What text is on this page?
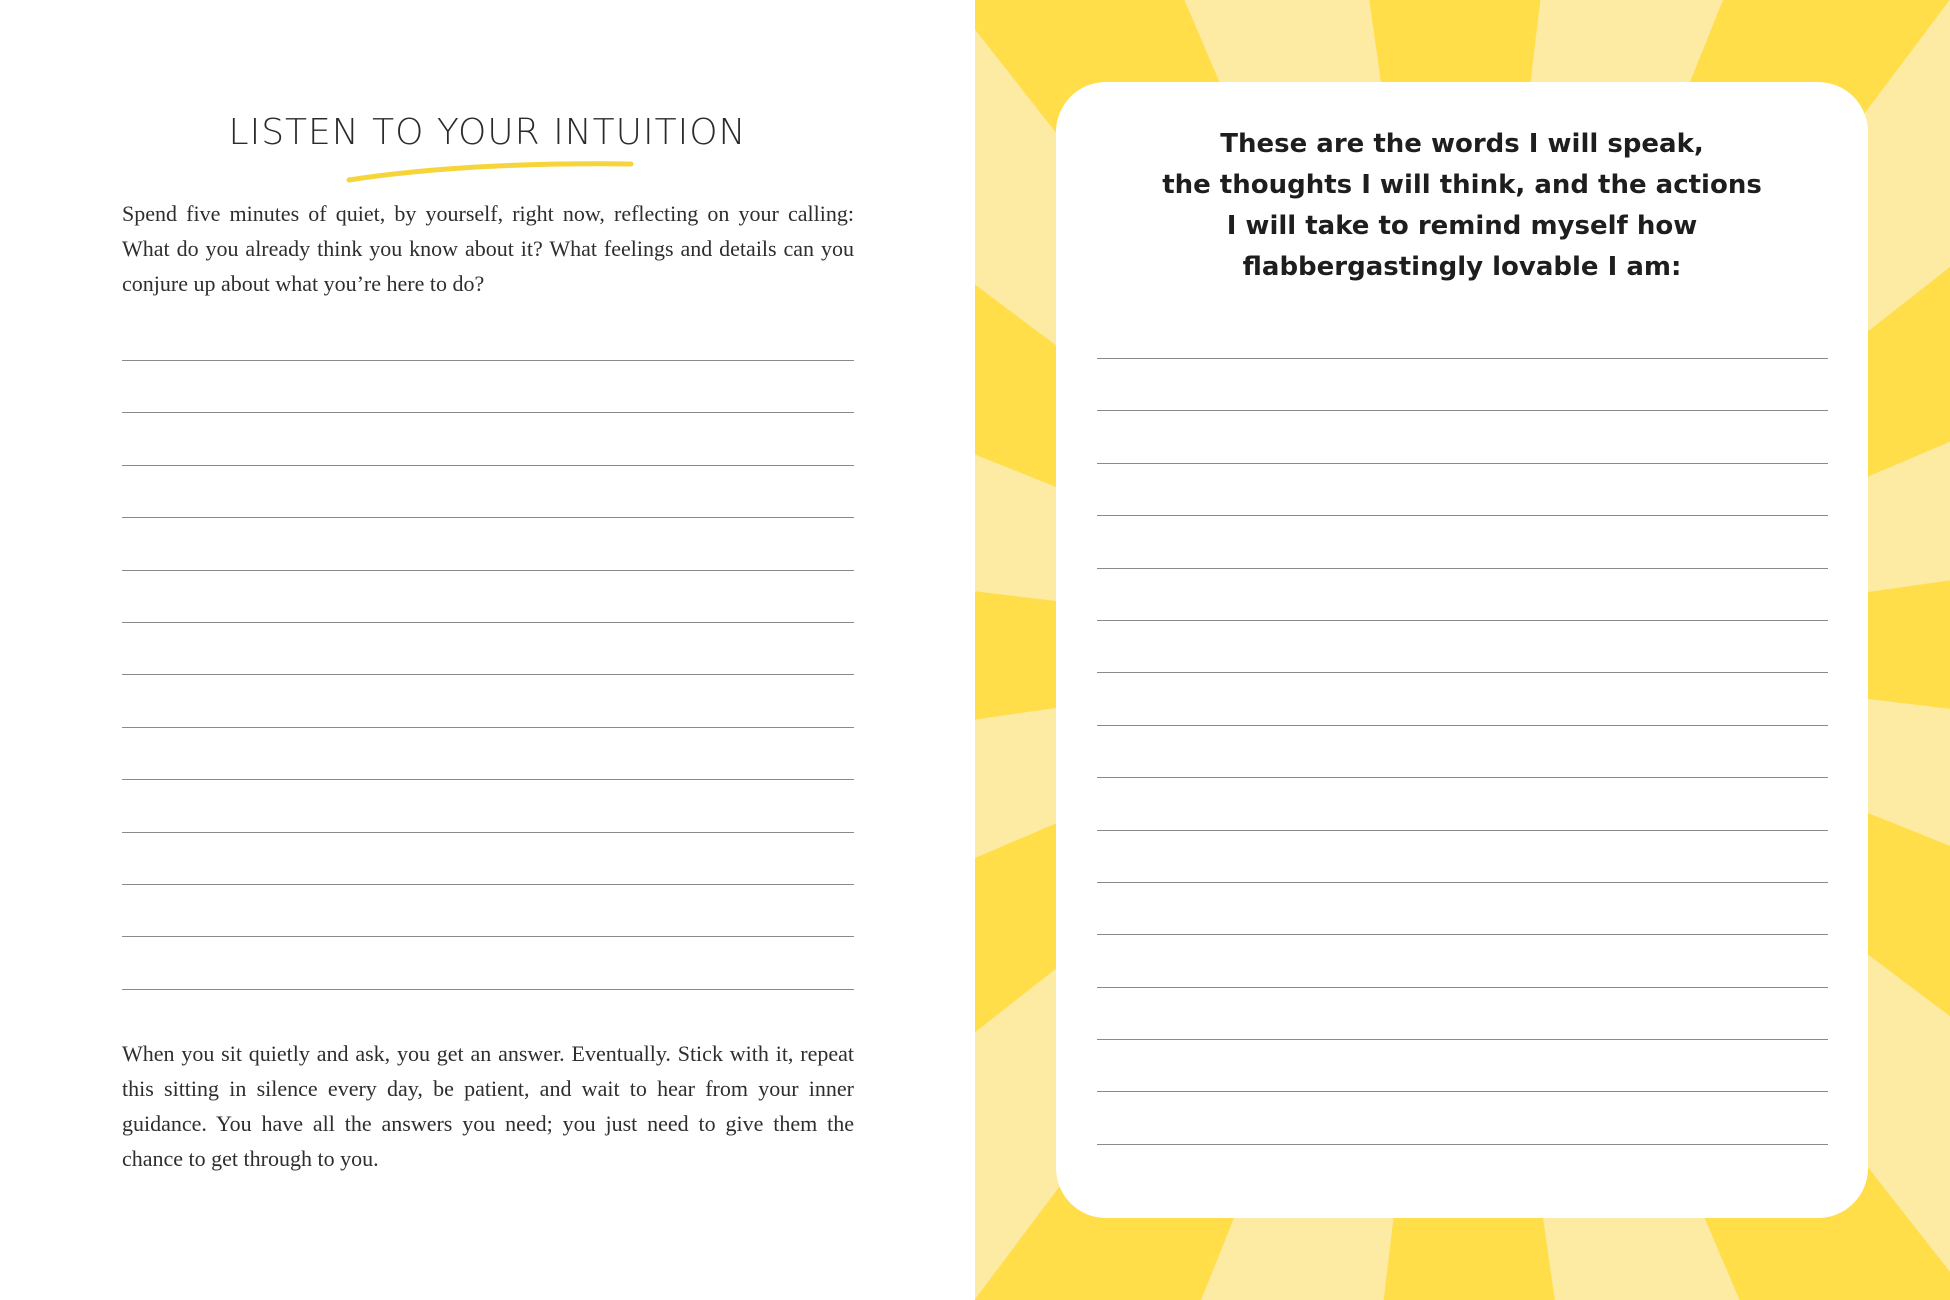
LISTEN TO YOUR INTUITION

Spend five minutes of quiet, by yourself, right now, reflecting on your calling: What do you already think you know about it? What feelings and details can you conjure up about what you’re here to do?

When you sit quietly and ask, you get an answer. Eventually. Stick with it, repeat this sitting in silence every day, be patient, and wait to hear from your inner guidance. You have all the answers you need; you just need to give them the chance to get through to you.

These are the words I will speak,
the thoughts I will think, and the actions
I will take to remind myself how
flabbergastingly lovable I am:
